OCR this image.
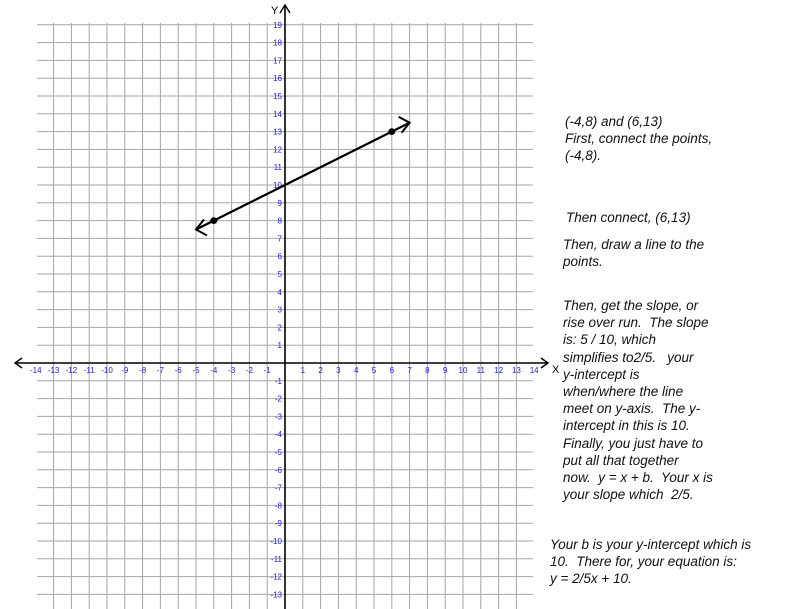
-14 -13 -12 -11 -10 -9 -8 -7 -6 -5 -4 -3 -2 -1	1 2 3 4 5 6 7 8 9 10 11 12 13 14
19
18
17
16
15
14
13
12
11
10
9
8
7
6
5
4
3
2
1
-1
-2
-3
-4
-5
-6
-7
-8
-9
-10
-11
-12
-13
X
Y

(-4,8) and (6,13)
First, connect the points,
(-4,8).

Then connect, (6,13)

Then, draw a line to the
points.

Then, get the slope, or
rise over run.  The slope
is: 5 / 10, which
simplifies to2/5.   your
y-intercept is
when/where the line
meet on y-axis.  The y-
intercept in this is 10.
Finally, you just have to
put all that together
now.  y = x + b.  Your x is
your slope which  2/5.

Your b is your y-intercept which is
10.  There for, your equation is:
y = 2/5x + 10.
